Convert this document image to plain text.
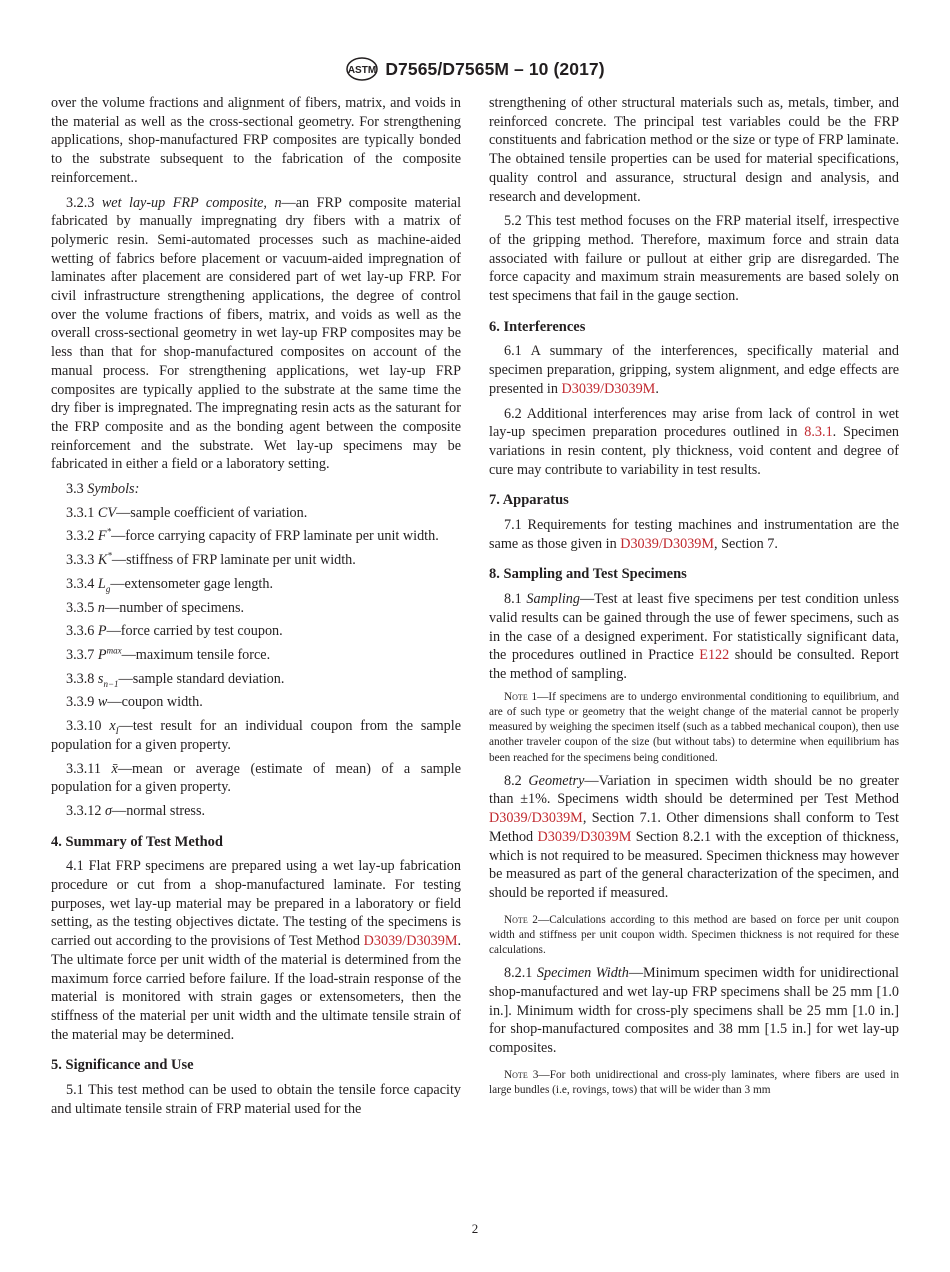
ASTM D7565/D7565M – 10 (2017)

over the volume fractions and alignment of fibers, matrix, and voids in the material as well as the cross-sectional geometry. For strengthening applications, shop-manufactured FRP composites are typically bonded to the substrate subsequent to the fabrication of the composite reinforcement..

3.2.3 wet lay-up FRP composite, n—an FRP composite material fabricated by manually impregnating dry fibers with a matrix of polymeric resin. Semi-automated processes such as machine-aided wetting of fabrics before placement or vacuum-aided impregnation of laminates after placement are considered part of wet lay-up FRP. For civil infrastructure strengthening applications, the degree of control over the volume fractions of fibers, matrix, and voids as well as the overall cross-sectional geometry in wet lay-up FRP composites may be less than that for shop-manufactured composites on account of the manual process. For strengthening applications, wet lay-up FRP composites are typically applied to the substrate at the same time the dry fiber is impregnated. The impregnating resin acts as the saturant for the FRP composite and as the bonding agent between the composite reinforcement and the substrate. Wet lay-up specimens may be fabricated in either a field or a laboratory setting.

3.3 Symbols:

3.3.1 CV—sample coefficient of variation.

3.3.2 F*—force carrying capacity of FRP laminate per unit width.

3.3.3 K*—stiffness of FRP laminate per unit width.

3.3.4 $L_g—extensometer$ gage length.

3.3.5 n—number of specimens.

3.3.6 P—force carried by test coupon.

3.3.7 $P^{max}—maximum$ tensile force.

3.3.8 $s_{n-1}—sample$ standard deviation.

3.3.9 w—coupon width.

3.3.10 $x_I—test$ result for an individual coupon from the sample population for a given property.

3.3.11 x̄—mean or average (estimate of mean) of a sample population for a given property.

3.3.12 σ—normal stress.

4. Summary of Test Method

4.1 Flat FRP specimens are prepared using a wet lay-up fabrication procedure or cut from a shop-manufactured laminate. For testing purposes, wet lay-up material may be prepared in a laboratory or field setting, as the testing objectives dictate. The testing of the specimens is carried out according to the provisions of Test Method D3039/D3039M. The ultimate force per unit width of the material is determined from the maximum force carried before failure. If the load-strain response of the material is monitored with strain gages or extensometers, then the stiffness of the material per unit width and the ultimate tensile strain of the material may be determined.

5. Significance and Use

5.1 This test method can be used to obtain the tensile force capacity and ultimate tensile strain of FRP material used for the

strengthening of other structural materials such as, metals, timber, and reinforced concrete. The principal test variables could be the FRP constituents and fabrication method or the size or type of FRP laminate. The obtained tensile properties can be used for material specifications, quality control and assurance, structural design and analysis, and research and development.

5.2 This test method focuses on the FRP material itself, irrespective of the gripping method. Therefore, maximum force and strain data associated with failure or pullout at either grip are disregarded. The force capacity and maximum strain measurements are based solely on test specimens that fail in the gauge section.

6. Interferences

6.1 A summary of the interferences, specifically material and specimen preparation, gripping, system alignment, and edge effects are presented in D3039/D3039M.

6.2 Additional interferences may arise from lack of control in wet lay-up specimen preparation procedures outlined in 8.3.1. Specimen variations in resin content, ply thickness, void content and degree of cure may contribute to variability in test results.

7. Apparatus

7.1 Requirements for testing machines and instrumentation are the same as those given in D3039/D3039M, Section 7.

8. Sampling and Test Specimens

8.1 Sampling—Test at least five specimens per test condition unless valid results can be gained through the use of fewer specimens, such as in the case of a designed experiment. For statistically significant data, the procedures outlined in Practice E122 should be consulted. Report the method of sampling.

Note 1—If specimens are to undergo environmental conditioning to equilibrium, and are of such type or geometry that the weight change of the material cannot be properly measured by weighing the specimen itself (such as a tabbed mechanical coupon), then use another traveler coupon of the size (but without tabs) to determine when equilibrium has been reached for the specimens being conditioned.

8.2 Geometry—Variation in specimen width should be no greater than ±1%. Specimens width should be determined per Test Method D3039/D3039M, Section 7.1. Other dimensions shall conform to Test Method D3039/D3039M Section 8.2.1 with the exception of thickness, which is not required to be measured. Specimen thickness may however be measured as part of the general characterization of the specimen, and should be reported if measured.

Note 2—Calculations according to this method are based on force per unit coupon width and stiffness per unit coupon width. Specimen thickness is not required for these calculations.

8.2.1 Specimen Width—Minimum specimen width for unidirectional shop-manufactured and wet lay-up FRP specimens shall be 25 mm [1.0 in.]. Minimum width for cross-ply specimens shall be 25 mm [1.0 in.] for shop-manufactured composites and 38 mm [1.5 in.] for wet lay-up composites.

Note 3—For both unidirectional and cross-ply laminates, where fibers are used in large bundles (i.e, rovings, tows) that will be wider than 3 mm

2
